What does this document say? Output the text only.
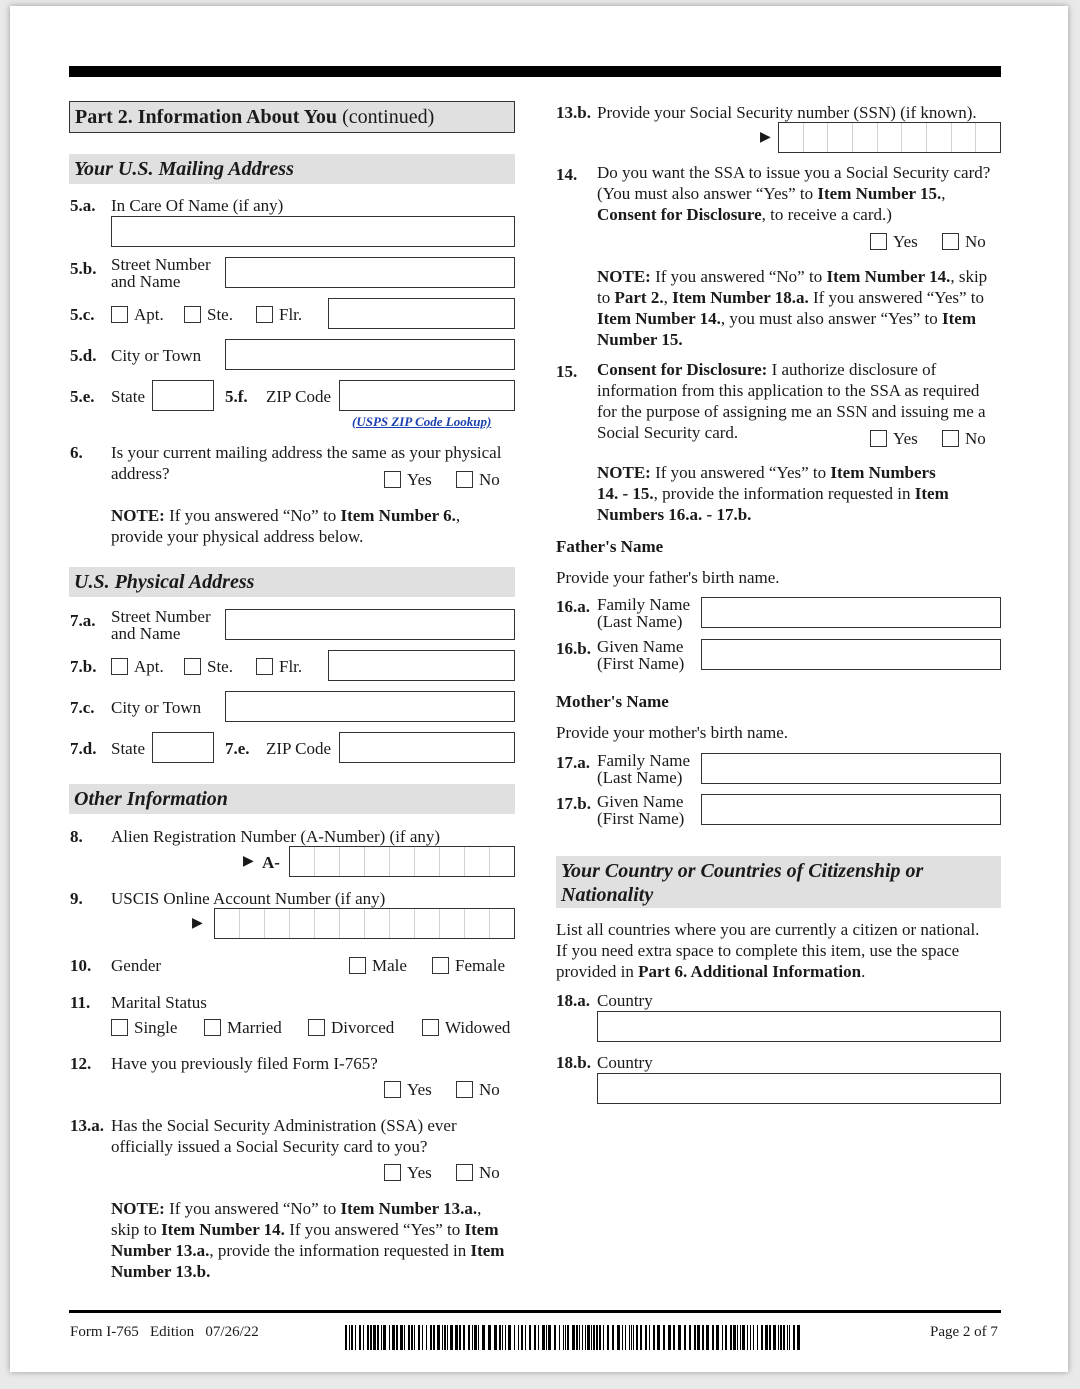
Part 2. Information About You (continued)
Your U.S. Mailing Address
5.a. In Care Of Name (if any)
5.b. Street Number
and Name
5.c.	Apt.	Ste.	Flr.
5.d. City or Town
5.e. State	5.f. ZIP Code
(USPS ZIP Code Lookup)
6. Is your current mailing address the same as your physical
address?	Yes	No
NOTE: If you answered “No” to Item Number 6.,
provide your physical address below.
U.S. Physical Address
7.a. Street Number
and Name
7.b.	Apt.	Ste.	Flr.
7.c. City or Town
7.d. State	7.e. ZIP Code
Other Information
8. Alien Registration Number (A-Number) (if any)
▶ A-
9. USCIS Online Account Number (if any)
▶
10. Gender	Male	Female
11. Marital Status
Single	Married	Divorced	Widowed
12. Have you previously filed Form I-765?
Yes	No
13.a. Has the Social Security Administration (SSA) ever
officially issued a Social Security card to you?
Yes	No
NOTE: If you answered “No” to Item Number 13.a.,
skip to Item Number 14. If you answered “Yes” to Item
Number 13.a., provide the information requested in Item
Number 13.b.
13.b. Provide your Social Security number (SSN) (if known).
▶
14. Do you want the SSA to issue you a Social Security card?
(You must also answer “Yes” to Item Number 15.,
Consent for Disclosure, to receive a card.)
Yes	No
NOTE: If you answered “No” to Item Number 14., skip
to Part 2., Item Number 18.a. If you answered “Yes” to
Item Number 14., you must also answer “Yes” to Item
Number 15.
15. Consent for Disclosure: I authorize disclosure of
information from this application to the SSA as required
for the purpose of assigning me an SSN and issuing me a
Social Security card.	Yes	No
NOTE: If you answered “Yes” to Item Numbers
14. - 15., provide the information requested in Item
Numbers 16.a. - 17.b.
Father's Name
Provide your father's birth name.
16.a. Family Name
(Last Name)
16.b. Given Name
(First Name)
Mother's Name
Provide your mother's birth name.
17.a. Family Name
(Last Name)
17.b. Given Name
(First Name)
Your Country or Countries of Citizenship or
Nationality
List all countries where you are currently a citizen or national.
If you need extra space to complete this item, use the space
provided in Part 6. Additional Information.
18.a. Country
18.b. Country
Form I-765   Edition   07/26/22	Page 2 of 7
